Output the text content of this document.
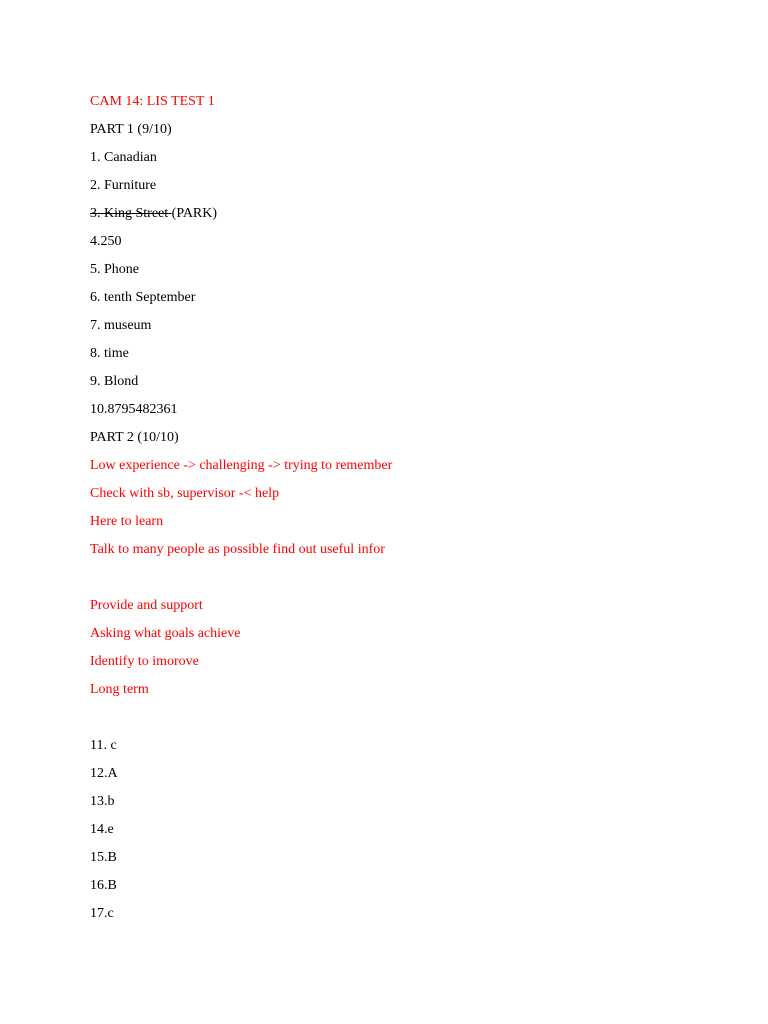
CAM 14: LIS TEST 1
PART 1 (9/10)
1. Canadian
2. Furniture
3. King Street (PARK)
4.250
5. Phone
6. tenth September
7. museum
8. time
9. Blond
10.8795482361
PART 2 (10/10)
Low experience -> challenging -> trying to remember
Check with sb, supervisor -< help
Here to learn
Talk to many people as possible find out useful infor
Provide and support
Asking what goals achieve
Identify to imorove
Long term
11. c
12.A
13.b
14.e
15.B
16.B
17.c
